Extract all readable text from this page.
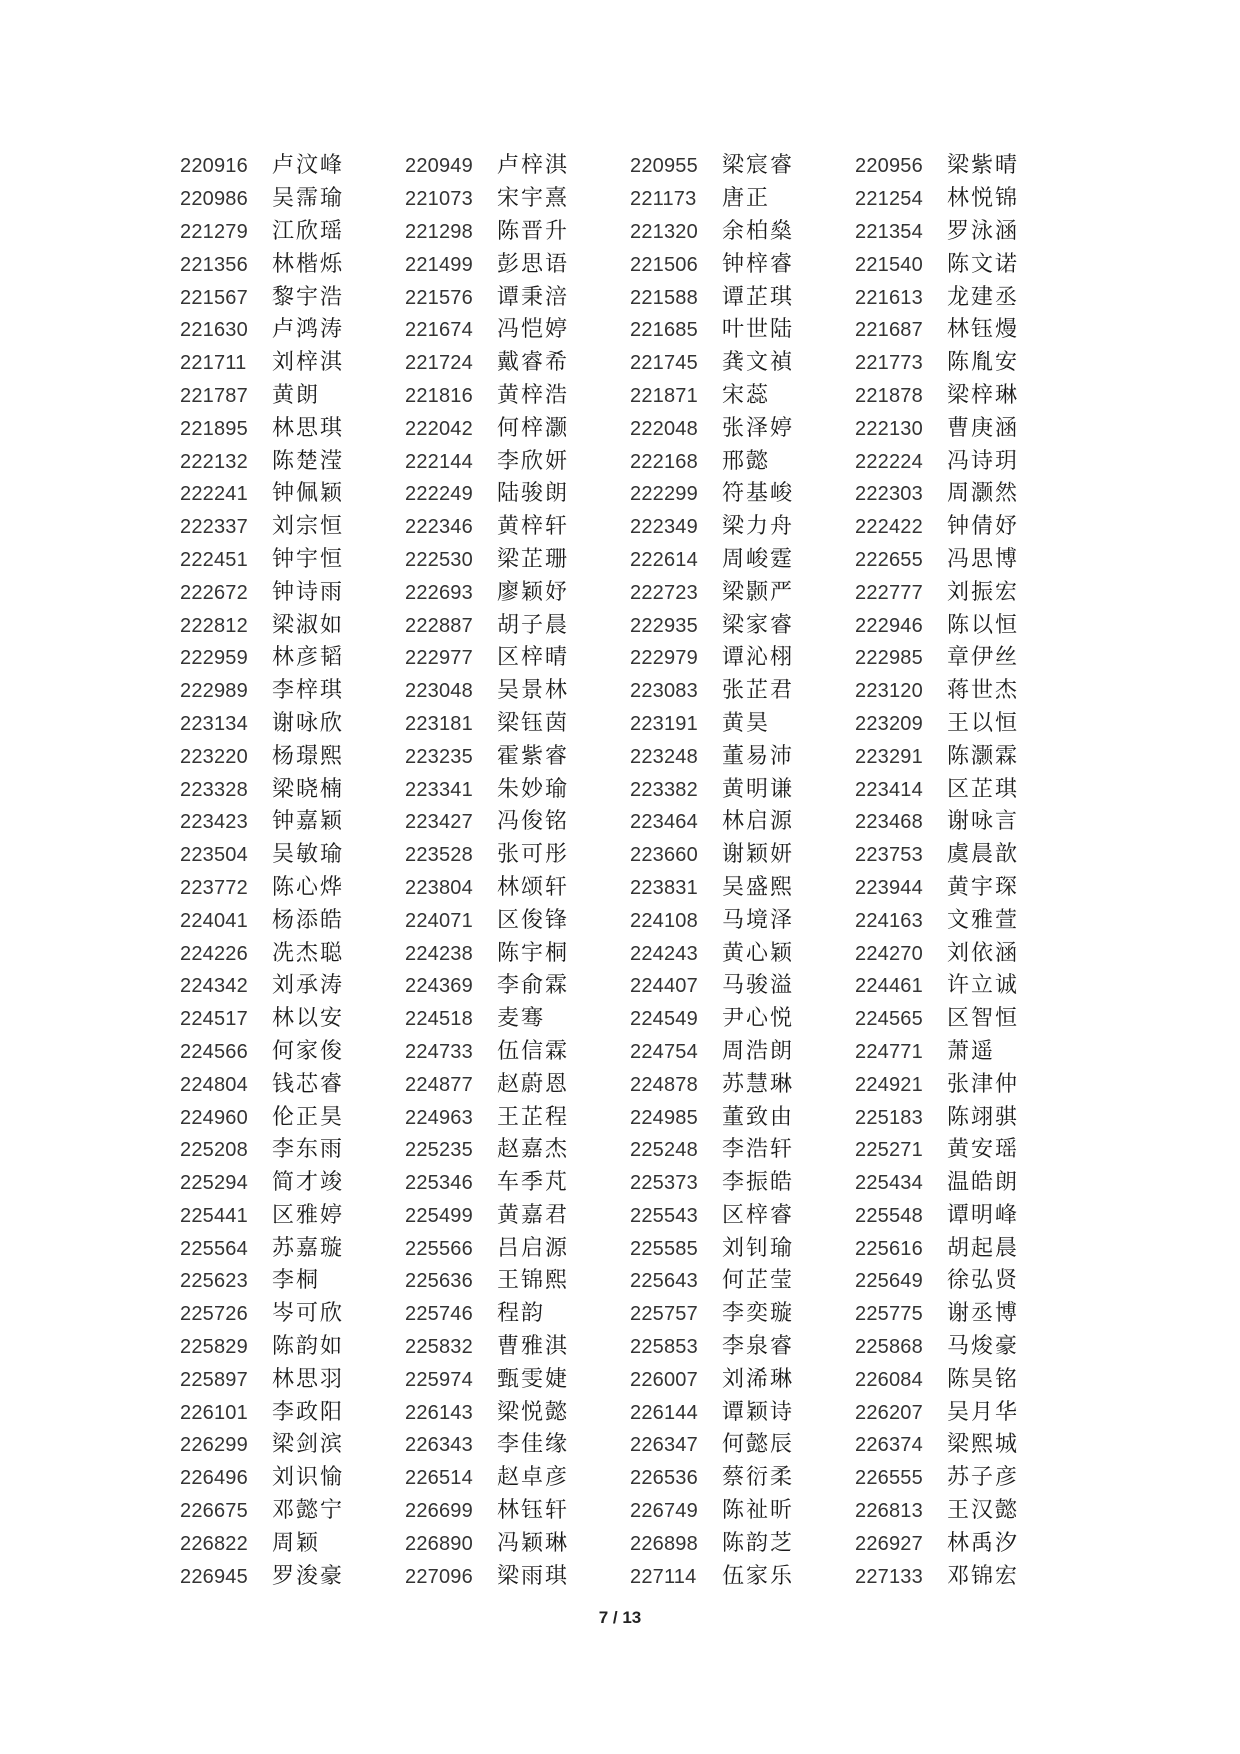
220916	卢汶峰	220949	卢梓淇	220955	梁宸睿	220956	梁紫晴
220986	吴霈瑜	221073	宋宇熹	221173	唐正	221254	林悦锦
221279	江欣瑶	221298	陈晋升	221320	余柏燊	221354	罗泳涵
221356	林楷烁	221499	彭思语	221506	钟梓睿	221540	陈文诺
221567	黎宇浩	221576	谭秉涪	221588	谭芷琪	221613	龙建丞
221630	卢鸿涛	221674	冯恺婷	221685	叶世陆	221687	林钰熳
221711	刘梓淇	221724	戴睿希	221745	龚文禎	221773	陈胤安
221787	黄朗	221816	黄梓浩	221871	宋蕊	221878	梁梓琳
221895	林思琪	222042	何梓灏	222048	张泽婷	222130	曹庚涵
222132	陈楚滢	222144	李欣妍	222168	邢懿	222224	冯诗玥
222241	钟佩颖	222249	陆骏朗	222299	符基峻	222303	周灏然
222337	刘宗恒	222346	黄梓轩	222349	梁力舟	222422	钟倩妤
222451	钟宇恒	222530	梁芷珊	222614	周峻霆	222655	冯思博
222672	钟诗雨	222693	廖颖妤	222723	梁颢严	222777	刘振宏
222812	梁淑如	222887	胡子晨	222935	梁家睿	222946	陈以恒
222959	林彦韬	222977	区梓晴	222979	谭沁栩	222985	章伊丝
222989	李梓琪	223048	吴景林	223083	张芷君	223120	蒋世杰
223134	谢咏欣	223181	梁钰茵	223191	黄昊	223209	王以恒
223220	杨璟熙	223235	霍紫睿	223248	董易沛	223291	陈灏霖
223328	梁晓楠	223341	朱妙瑜	223382	黄明谦	223414	区芷琪
223423	钟嘉颖	223427	冯俊铭	223464	林启源	223468	谢咏言
223504	吴敏瑜	223528	张可彤	223660	谢颖妍	223753	虞晨歆
223772	陈心烨	223804	林颂轩	223831	吴盛熙	223944	黄宇琛
224041	杨添皓	224071	区俊锋	224108	马境泽	224163	文雅萱
224226	冼杰聪	224238	陈宇桐	224243	黄心颖	224270	刘依涵
224342	刘承涛	224369	李俞霖	224407	马骏溢	224461	许立诚
224517	林以安	224518	麦骞	224549	尹心悦	224565	区智恒
224566	何家俊	224733	伍信霖	224754	周浩朗	224771	萧遥
224804	钱芯睿	224877	赵蔚恩	224878	苏慧琳	224921	张津仲
224960	伦正昊	224963	王芷程	224985	董致由	225183	陈翊骐
225208	李东雨	225235	赵嘉杰	225248	李浩轩	225271	黄安瑶
225294	简才竣	225346	车季芃	225373	李振皓	225434	温皓朗
225441	区雅婷	225499	黄嘉君	225543	区梓睿	225548	谭明峰
225564	苏嘉璇	225566	吕启源	225585	刘钊瑜	225616	胡起晨
225623	李桐	225636	王锦熙	225643	何芷莹	225649	徐弘贤
225726	岑可欣	225746	程韵	225757	李奕璇	225775	谢丞博
225829	陈韵如	225832	曹雅淇	225853	李泉睿	225868	马焌豪
225897	林思羽	225974	甄雯婕	226007	刘浠琳	226084	陈昊铭
226101	李政阳	226143	梁悦懿	226144	谭颖诗	226207	吴月华
226299	梁剑滨	226343	李佳缘	226347	何懿辰	226374	梁熙城
226496	刘识愉	226514	赵卓彦	226536	蔡衍柔	226555	苏子彦
226675	邓懿宁	226699	林钰轩	226749	陈祉昕	226813	王汉懿
226822	周颖	226890	冯颖琳	226898	陈韵芝	226927	林禹汐
226945	罗浚豪	227096	梁雨琪	227114	伍家乐	227133	邓锦宏
7 / 13
